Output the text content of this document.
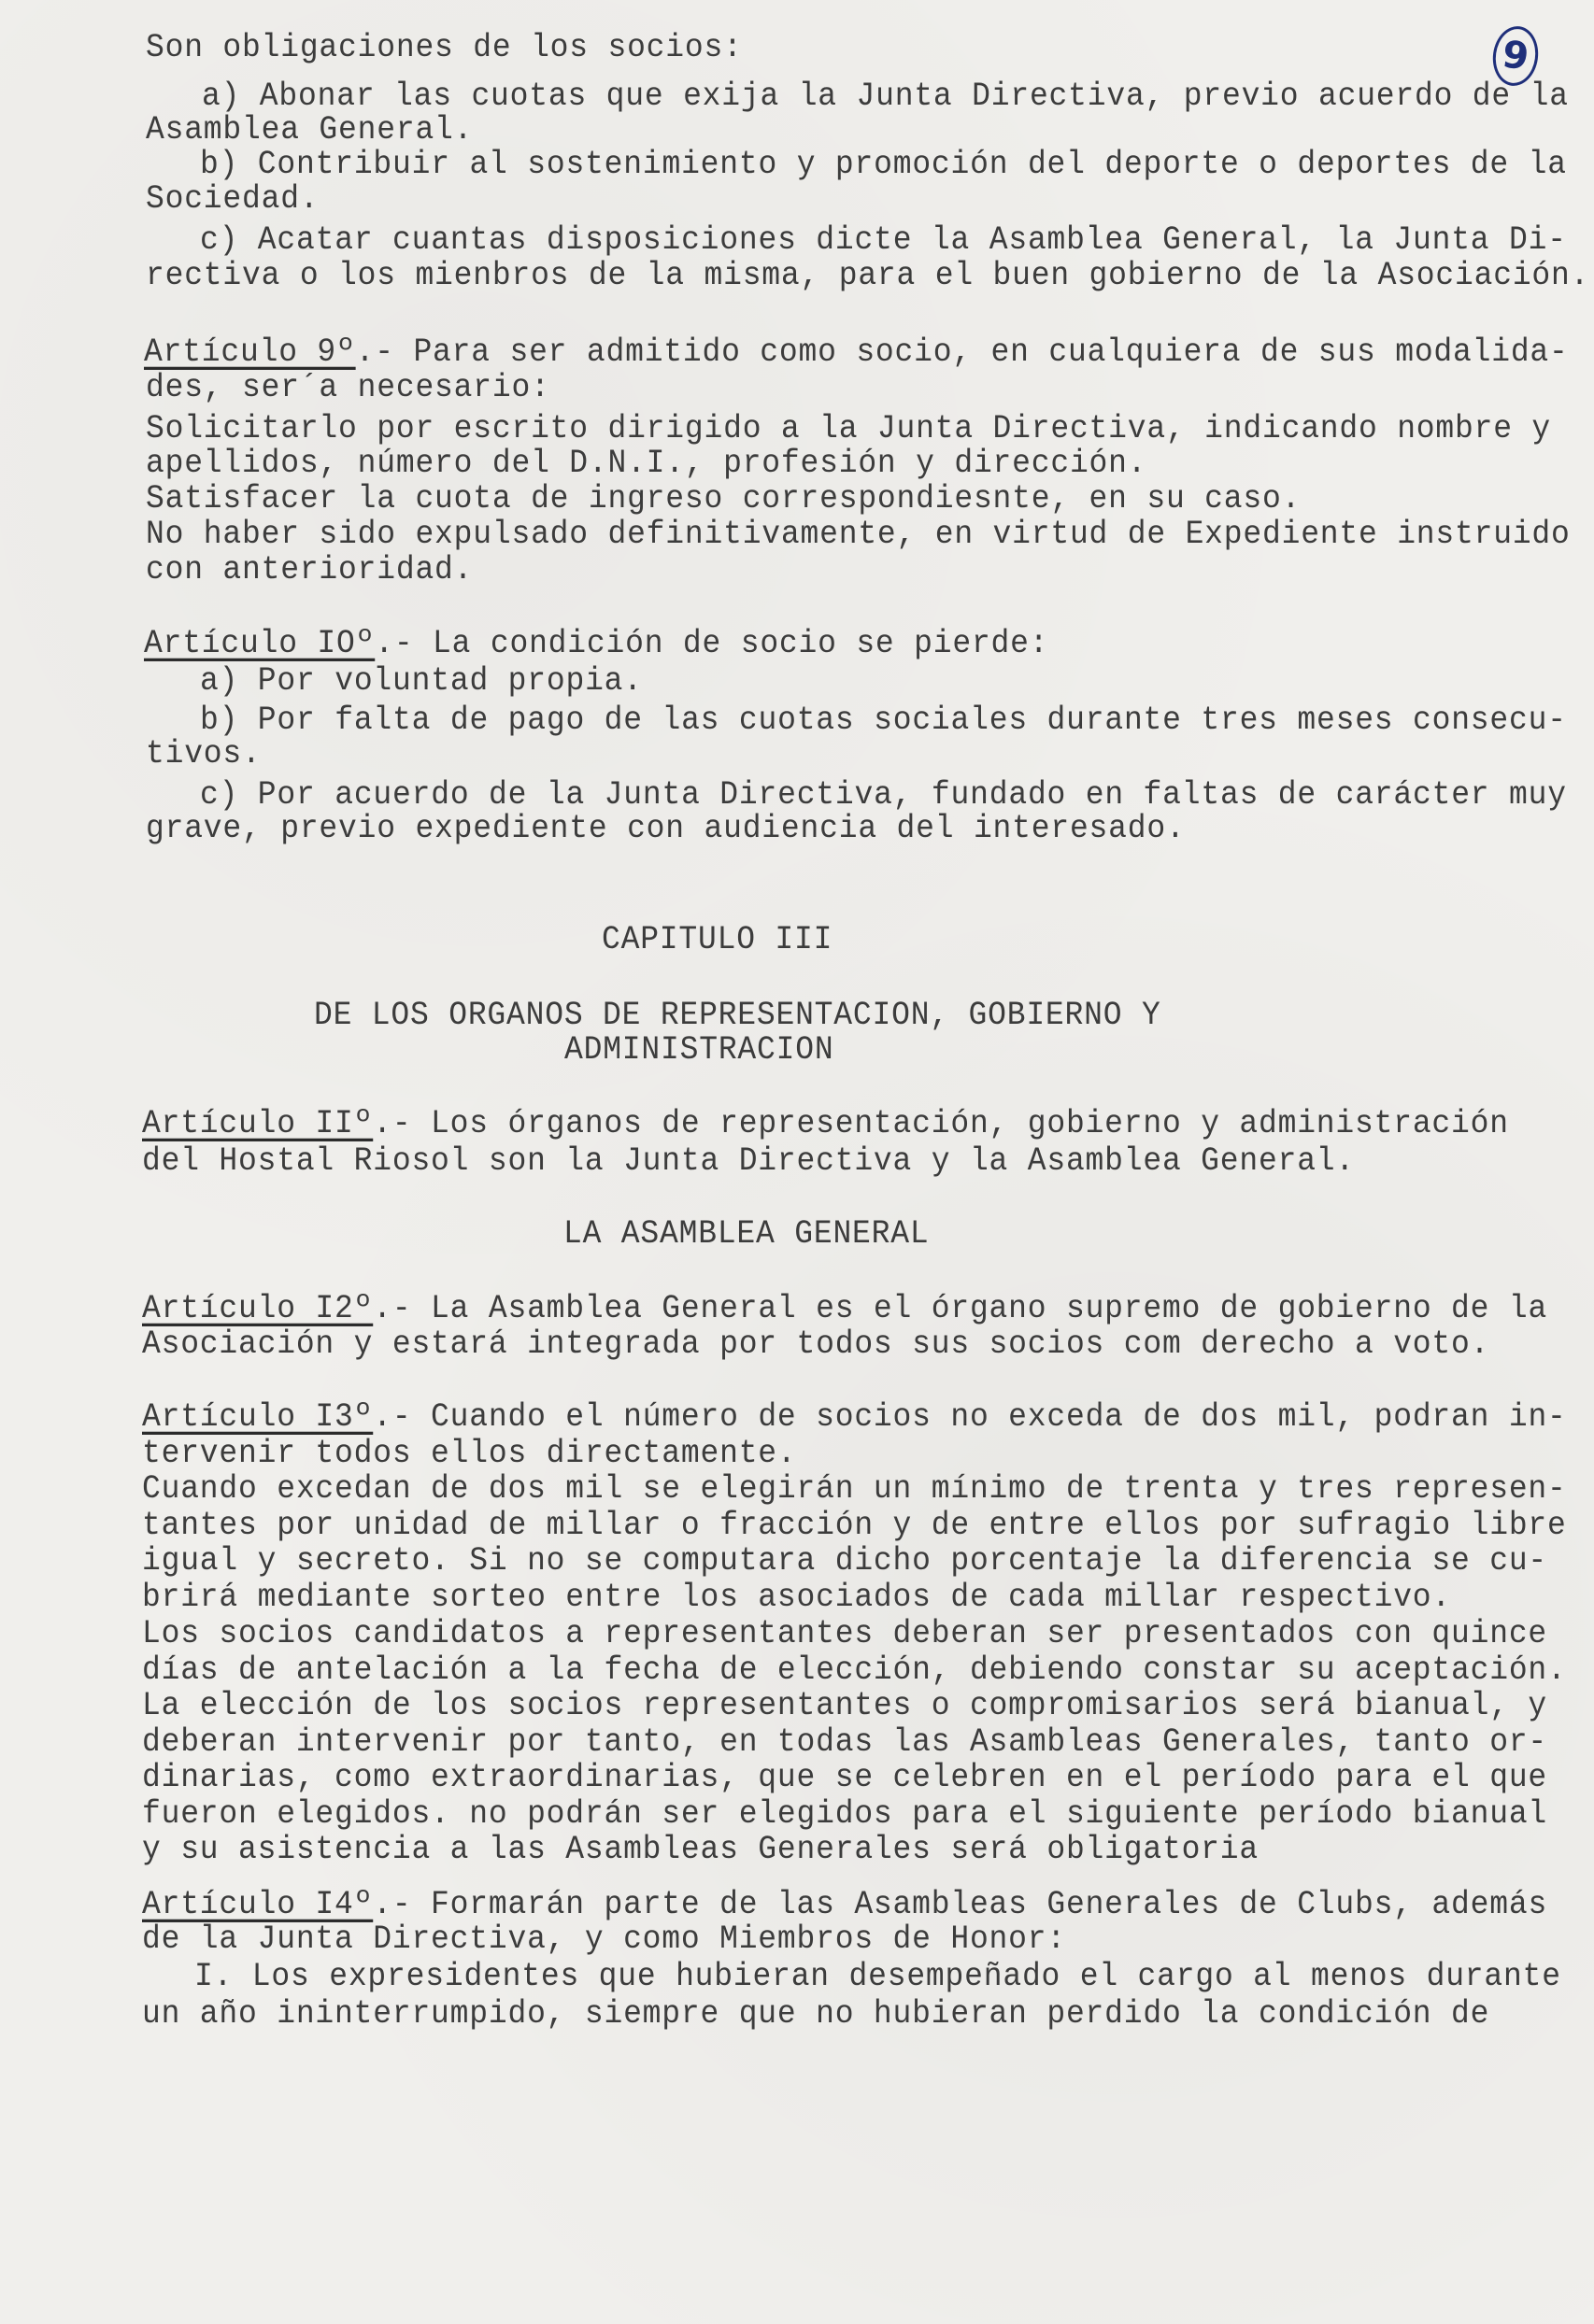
9
Son obligaciones de los socios:
a) Abonar las cuotas que exija la Junta Directiva, previo acuerdo de la
Asamblea General.
b) Contribuir al sostenimiento y promoción del deporte o deportes de la
Sociedad.
c) Acatar cuantas disposiciones dicte la Asamblea General, la Junta Di-
rectiva o los mienbros de la misma, para el buen gobierno de la Asociación.
Artículo 9º.- Para ser admitido como socio, en cualquiera de sus modalida-
des, ser´a necesario:
Solicitarlo por escrito dirigido a la Junta Directiva, indicando nombre y
apellidos, número del D.N.I., profesión y dirección.
Satisfacer la cuota de ingreso correspondiesnte, en su caso.
No haber sido expulsado definitivamente, en virtud de Expediente instruido
con anterioridad.
Artículo IOº.- La condición de socio se pierde:
a) Por voluntad propia.
b) Por falta de pago de las cuotas sociales durante tres meses consecu-
tivos.
c) Por acuerdo de la Junta Directiva, fundado en faltas de carácter muy
grave, previo expediente con audiencia del interesado.
CAPITULO III
DE LOS ORGANOS DE REPRESENTACION, GOBIERNO Y
ADMINISTRACION
Artículo IIº.- Los órganos de representación, gobierno y administración
del Hostal Riosol son la Junta Directiva y la Asamblea General.
LA ASAMBLEA GENERAL
Artículo I2º.- La Asamblea General es el órgano supremo de gobierno de la
Asociación y estará integrada por todos sus socios com derecho a voto.
Artículo I3º.- Cuando el número de socios no exceda de dos mil, podran in-
tervenir todos ellos directamente.
Cuando excedan de dos mil se elegirán un mínimo de trenta y tres represen-
tantes por unidad de millar o fracción y de entre ellos por sufragio libre
igual y secreto. Si no se computara dicho porcentaje la diferencia se cu-
brirá mediante sorteo entre los asociados de cada millar respectivo.
Los socios candidatos a representantes deberan ser presentados con quince
días de antelación a la fecha de elección, debiendo constar su aceptación.
La elección de los socios representantes o compromisarios será bianual, y
deberan intervenir por tanto, en todas las Asambleas Generales, tanto or-
dinarias, como extraordinarias, que se celebren en el período para el que
fueron elegidos. no podrán ser elegidos para el siguiente período bianual
y su asistencia a las Asambleas Generales será obligatoria
Artículo I4º.- Formarán parte de las Asambleas Generales de Clubs, además
de la Junta Directiva, y como Miembros de Honor:
I. Los expresidentes que hubieran desempeñado el cargo al menos durante
un año ininterrumpido, siempre que no hubieran perdido la condición de
